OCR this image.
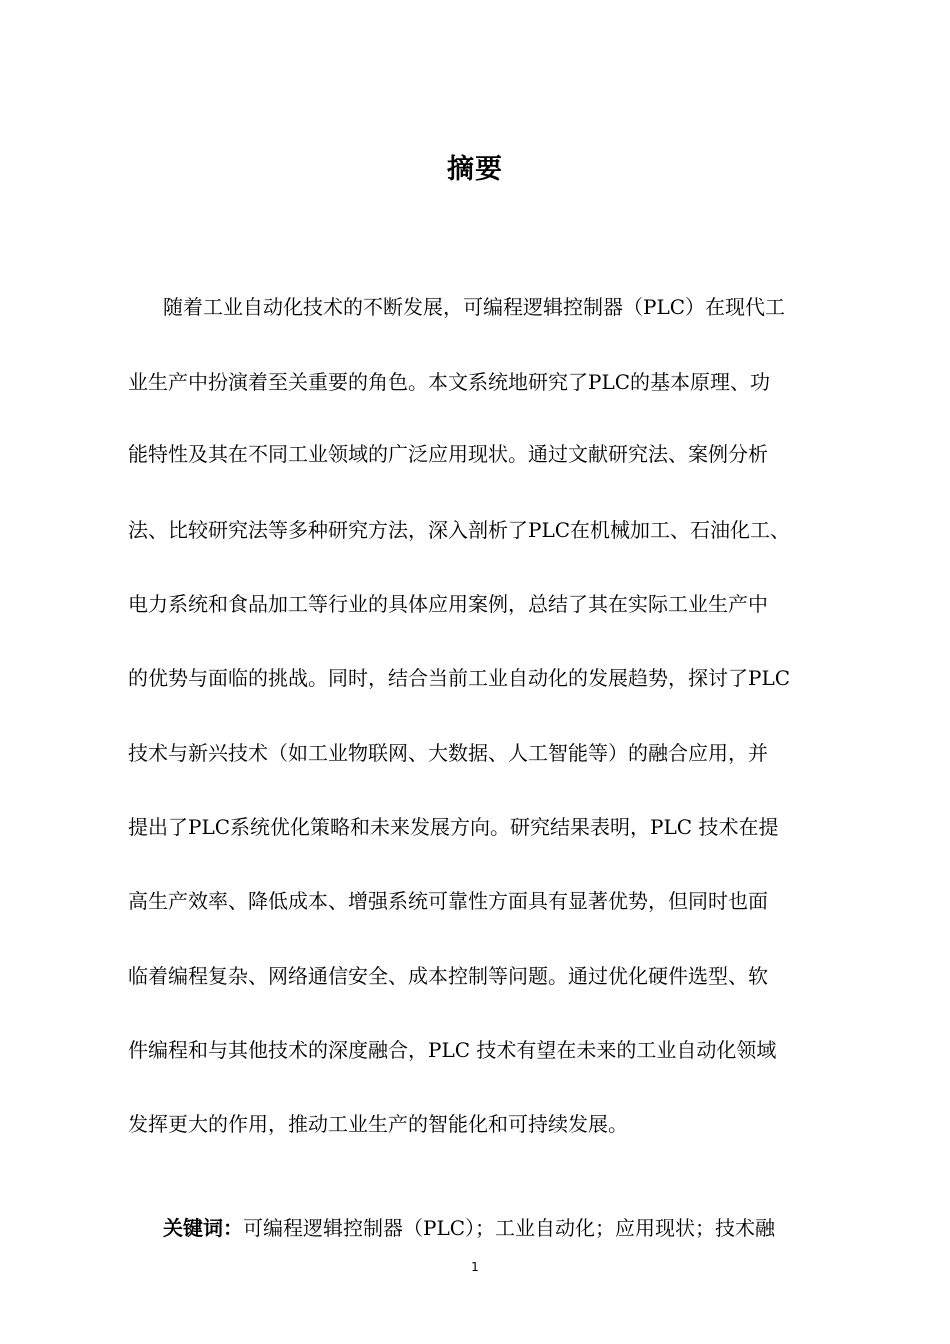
摘要
随着工业自动化技术的不断发展，可编程逻辑控制器（PLC）在现代工
业生产中扮演着至关重要的角色。本文系统地研究了PLC的基本原理、功
能特性及其在不同工业领域的广泛应用现状。通过文献研究法、案例分析
法、比较研究法等多种研究方法，深入剖析了PLC在机械加工、石油化工、
电力系统和食品加工等行业的具体应用案例，总结了其在实际工业生产中
的优势与面临的挑战。同时，结合当前工业自动化的发展趋势，探讨了PLC
技术与新兴技术（如工业物联网、大数据、人工智能等）的融合应用，并
提出了PLC系统优化策略和未来发展方向。研究结果表明，PLC 技术在提
高生产效率、降低成本、增强系统可靠性方面具有显著优势，但同时也面
临着编程复杂、网络通信安全、成本控制等问题。通过优化硬件选型、软
件编程和与其他技术的深度融合，PLC 技术有望在未来的工业自动化领域
发挥更大的作用，推动工业生产的智能化和可持续发展。
关键词：可编程逻辑控制器（PLC）；工业自动化；应用现状；技术融
1
